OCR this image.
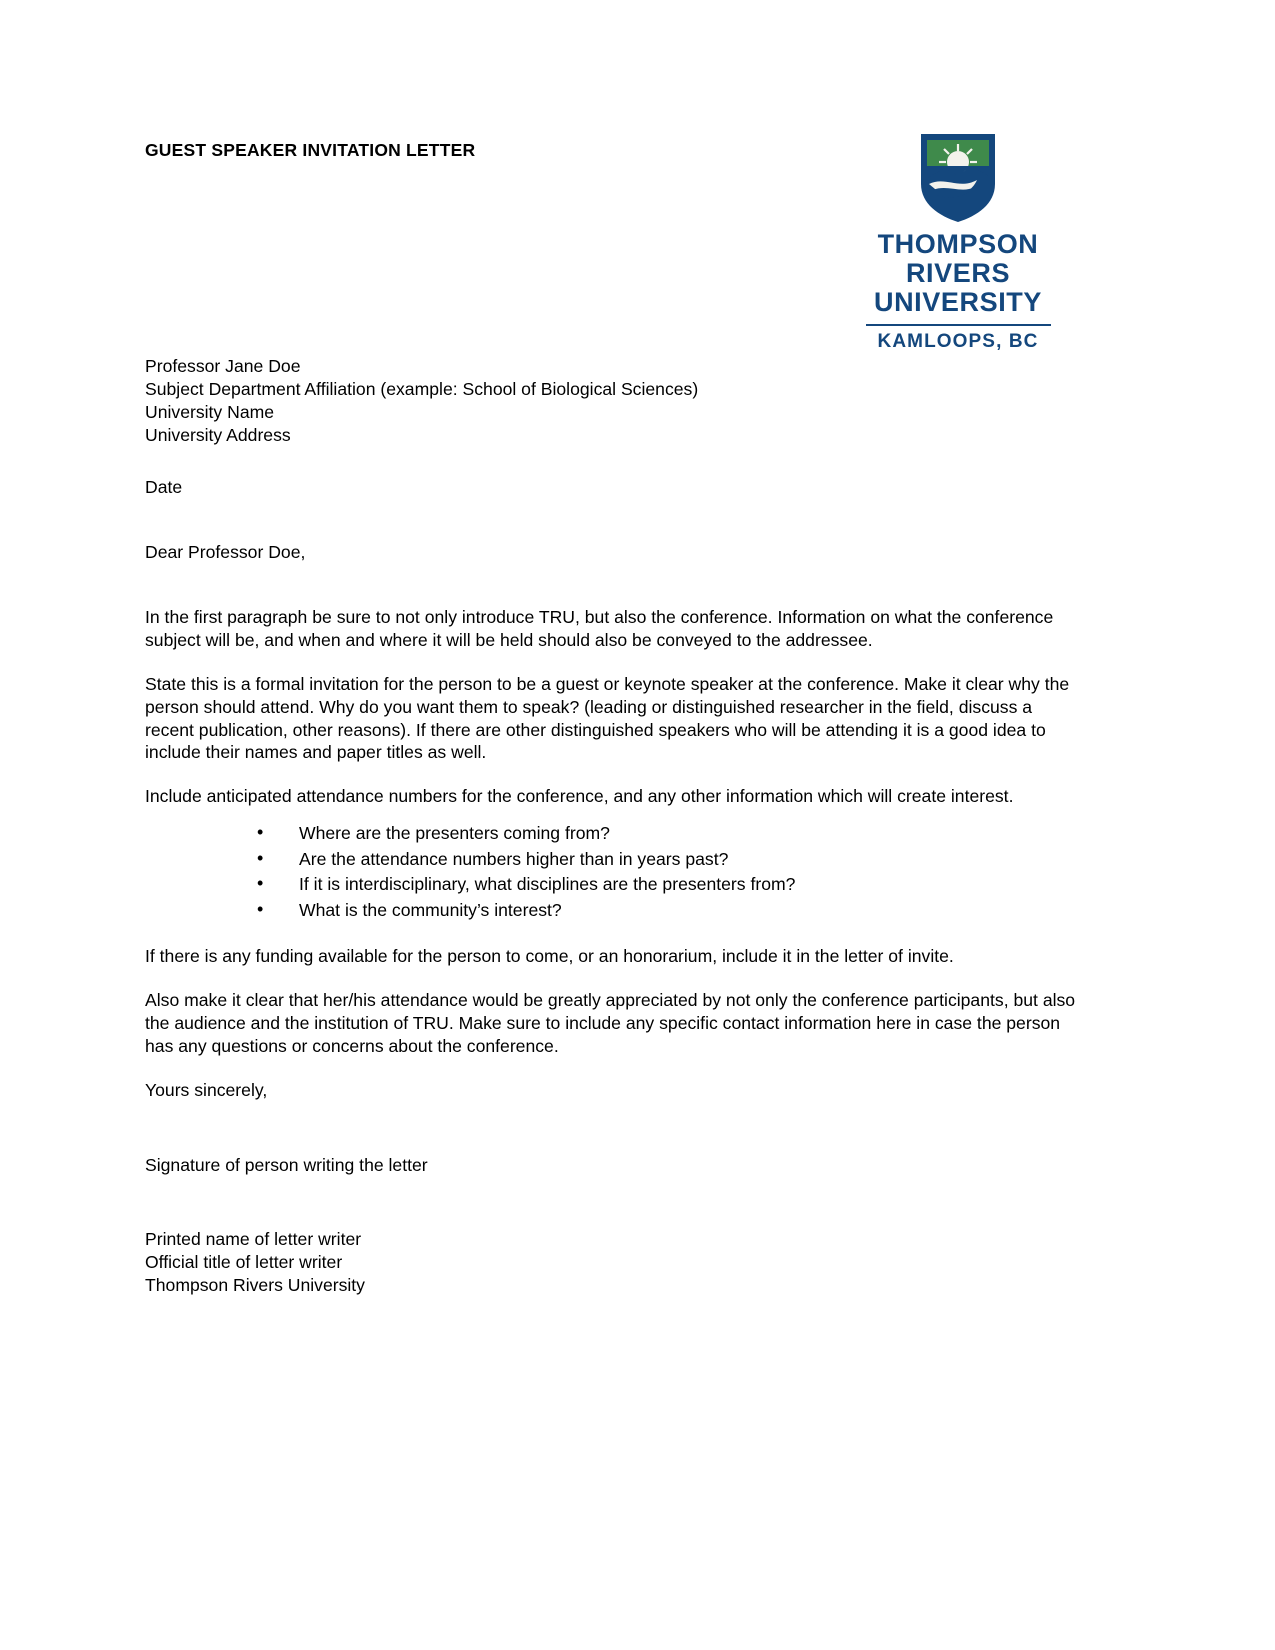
GUEST SPEAKER INVITATION LETTER
THOMPSON RIVERS
UNIVERSITY
KAMLOOPS, BC
Professor Jane Doe
Subject Department Affiliation (example: School of Biological Sciences)
University Name
University Address
Date
Dear Professor Doe,

In the first paragraph be sure to not only introduce TRU, but also the conference. Information on what the conference subject will be, and when and where it will be held should also be conveyed to the addressee.

State this is a formal invitation for the person to be a guest or keynote speaker at the conference. Make it clear why the person should attend. Why do you want them to speak? (leading or distinguished researcher in the field, discuss a recent publication, other reasons). If there are other distinguished speakers who will be attending it is a good idea to include their names and paper titles as well.

Include anticipated attendance numbers for the conference, and any other information which will create interest.

• Where are the presenters coming from?
• Are the attendance numbers higher than in years past?
• If it is interdisciplinary, what disciplines are the presenters from?
• What is the community’s interest?

If there is any funding available for the person to come, or an honorarium, include it in the letter of invite.

Also make it clear that her/his attendance would be greatly appreciated by not only the conference participants, but also the audience and the institution of TRU. Make sure to include any specific contact information here in case the person has any questions or concerns about the conference.

Yours sincerely,
Signature of person writing the letter
Printed name of letter writer
Official title of letter writer
Thompson Rivers University
